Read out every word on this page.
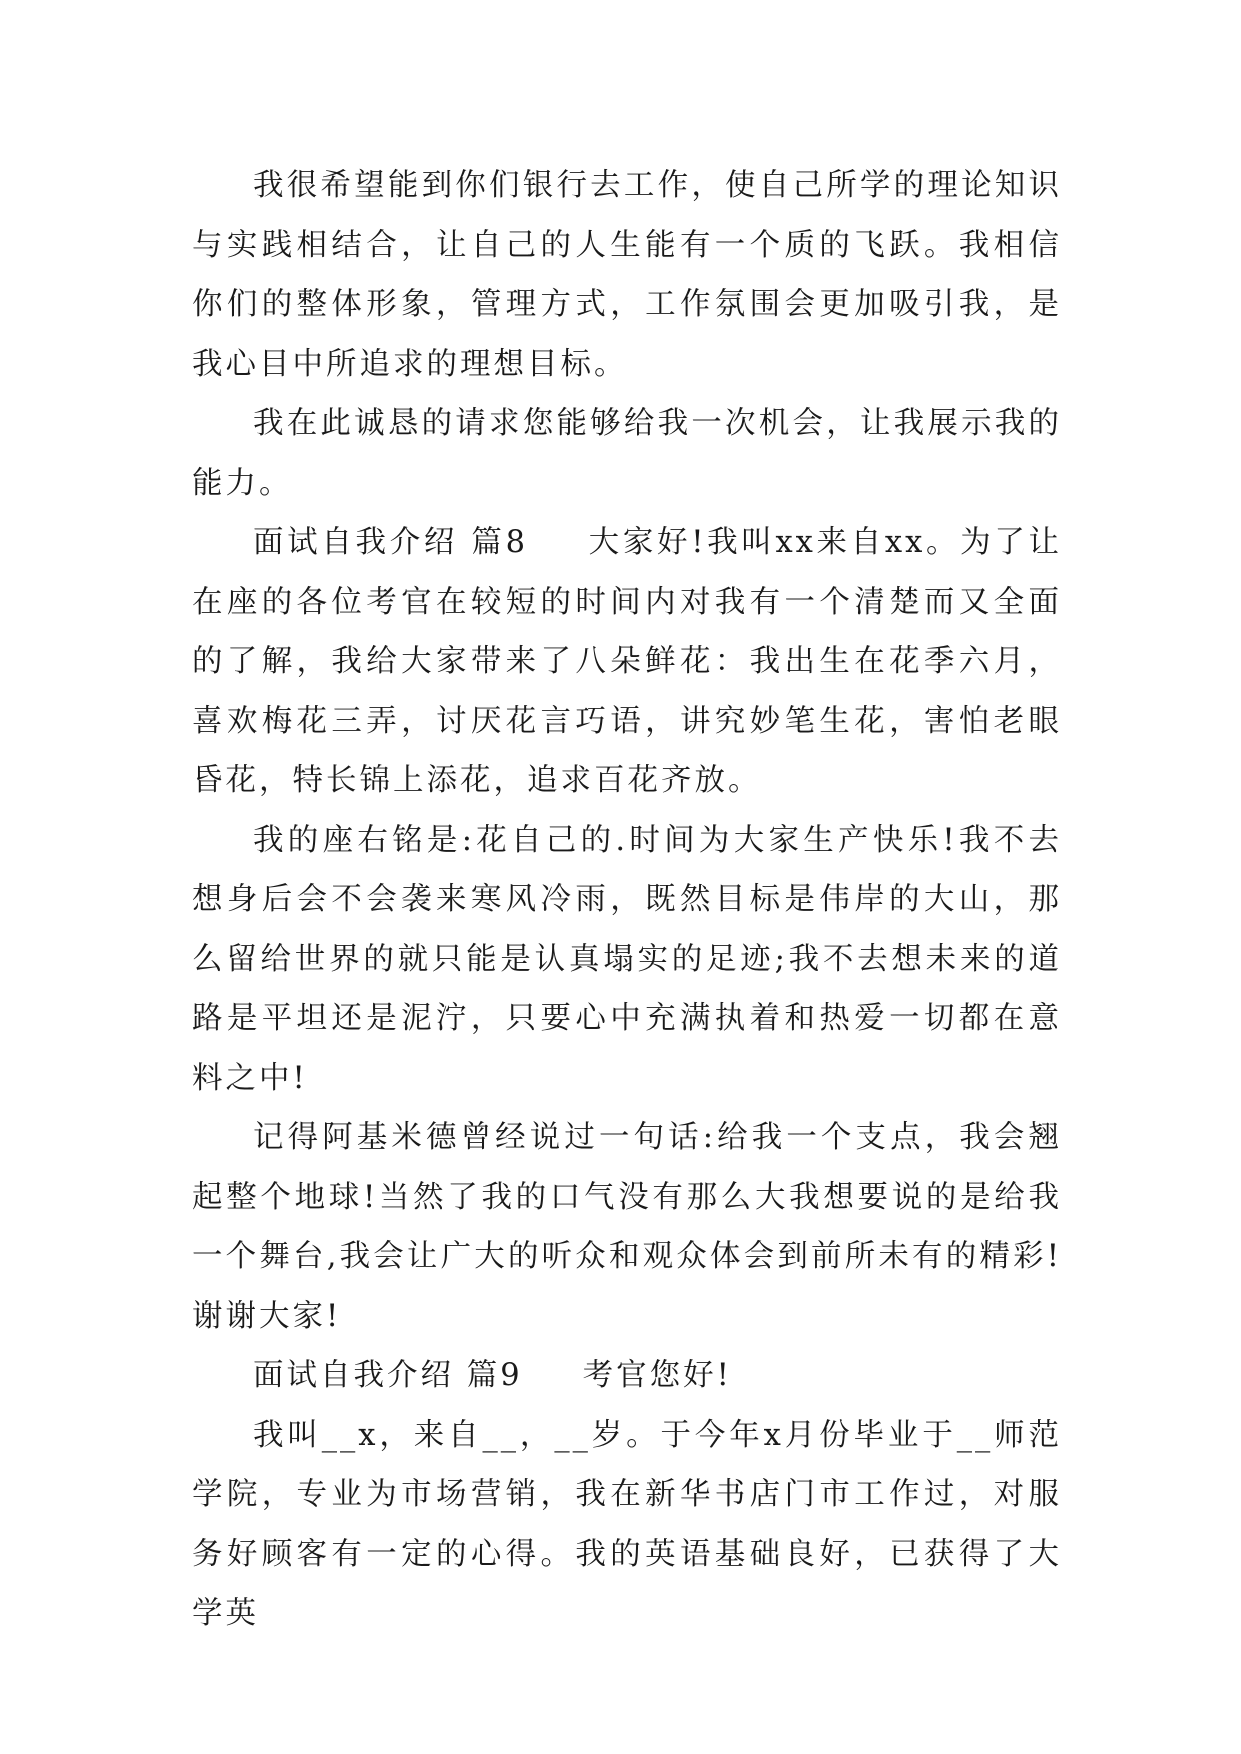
我很希望能到你们银行去工作，使自己所学的理论知识与实践相结合，让自己的人生能有一个质的飞跃。我相信你们的整体形象，管理方式，工作氛围会更加吸引我，是我心目中所追求的理想目标。

我在此诚恳的请求您能够给我一次机会，让我展示我的能力。

面试自我介绍 篇8 大家好!我叫xx来自xx。为了让在座的各位考官在较短的时间内对我有一个清楚而又全面的了解，我给大家带来了八朵鲜花：我出生在花季六月，喜欢梅花三弄，讨厌花言巧语，讲究妙笔生花，害怕老眼昏花，特长锦上添花，追求百花齐放。

我的座右铭是:花自己的.时间为大家生产快乐!我不去想身后会不会袭来寒风冷雨，既然目标是伟岸的大山，那么留给世界的就只能是认真塌实的足迹;我不去想未来的道路是平坦还是泥泞，只要心中充满执着和热爱一切都在意料之中!

记得阿基米德曾经说过一句话:给我一个支点，我会翘起整个地球!当然了我的口气没有那么大我想要说的是给我一个舞台,我会让广大的听众和观众体会到前所未有的精彩!谢谢大家!

面试自我介绍 篇9 考官您好!

我叫__x，来自__，__岁。于今年x月份毕业于__师范学院，专业为市场营销，我在新华书店门市工作过，对服务好顾客有一定的心得。我的英语基础良好，已获得了大学英
